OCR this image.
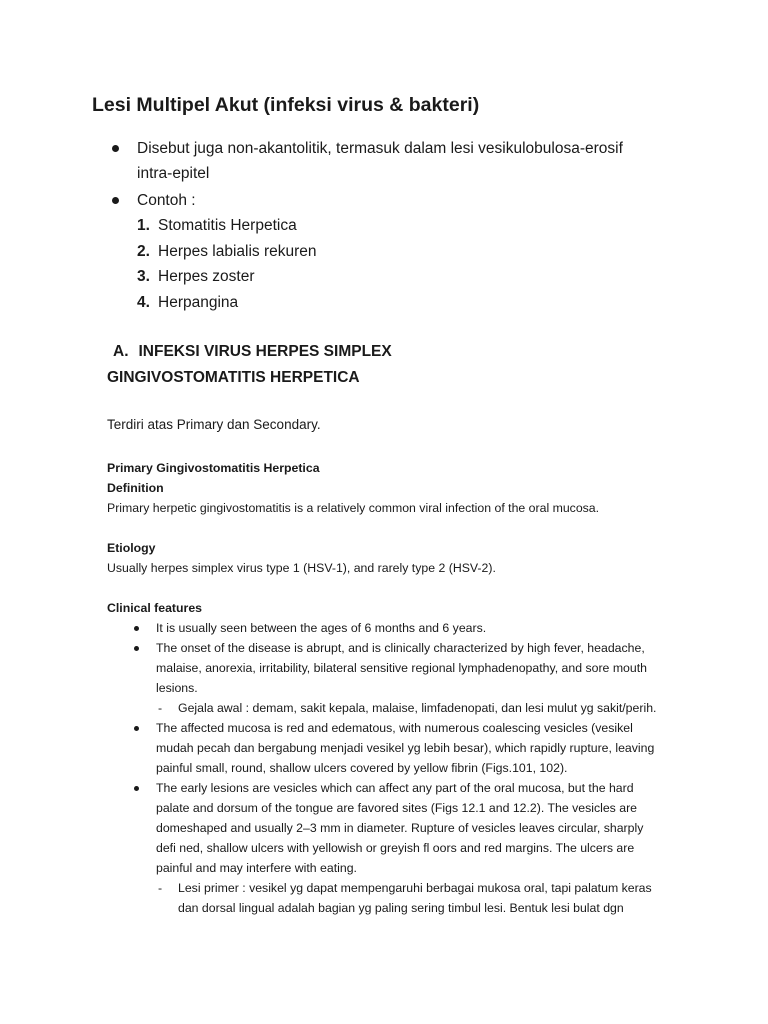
Lesi Multipel Akut (infeksi virus & bakteri)
Disebut juga non-akantolitik, termasuk dalam lesi vesikulobulosa-erosif
intra-epitel
Contoh :
1. Stomatitis Herpetica
2. Herpes labialis rekuren
3. Herpes zoster
4. Herpangina
A. INFEKSI VIRUS HERPES SIMPLEX
GINGIVOSTOMATITIS HERPETICA
Terdiri atas Primary dan Secondary.

Primary Gingivostomatitis Herpetica

Definition

Primary herpetic gingivostomatitis is a relatively common viral infection of the oral mucosa.

Etiology

Usually herpes simplex virus type 1 (HSV-1), and rarely type 2 (HSV-2).

Clinical features

It is usually seen between the ages of 6 months and 6 years.
The onset of the disease is abrupt, and is clinically characterized by high fever, headache,
malaise, anorexia, irritability, bilateral sensitive regional lymphadenopathy, and sore mouth
lesions.
- Gejala awal : demam, sakit kepala, malaise, limfadenopati, dan lesi mulut yg sakit/perih.
The affected mucosa is red and edematous, with numerous coalescing vesicles (vesikel
mudah pecah dan bergabung menjadi vesikel yg lebih besar), which rapidly rupture, leaving
painful small, round, shallow ulcers covered by yellow fibrin (Figs.101, 102).
The early lesions are vesicles which can affect any part of the oral mucosa, but the hard
palate and dorsum of the tongue are favored sites (Figs 12.1 and 12.2). The vesicles are
domeshaped and usually 2–3 mm in diameter. Rupture of vesicles leaves circular, sharply
defi ned, shallow ulcers with yellowish or greyish fl oors and red margins. The ulcers are
painful and may interfere with eating.
- Lesi primer : vesikel yg dapat mempengaruhi berbagai mukosa oral, tapi palatum keras
dan dorsal lingual adalah bagian yg paling sering timbul lesi. Bentuk lesi bulat dgn
